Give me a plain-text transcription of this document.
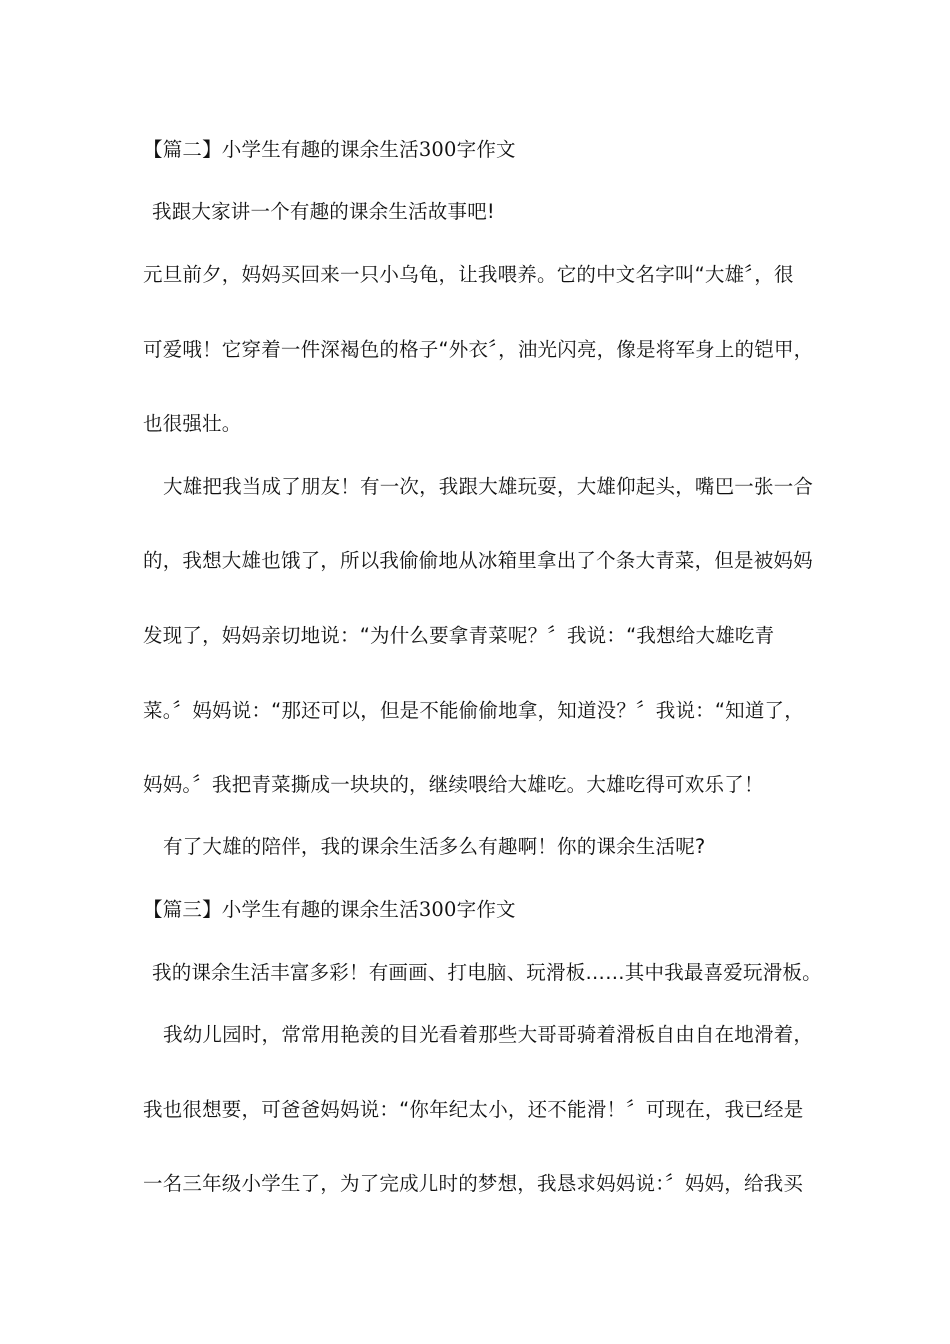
【篇二】小学生有趣的课余生活300字作文
我跟大家讲一个有趣的课余生活故事吧!
元旦前夕，妈妈买回来一只小乌龟，让我喂养。它的中文名字叫“大雄〞，很
可爱哦！它穿着一件深褐色的格子“外衣〞，油光闪亮，像是将军身上的铠甲，
也很强壮。
大雄把我当成了朋友！有一次，我跟大雄玩耍，大雄仰起头，嘴巴一张一合
的，我想大雄也饿了，所以我偷偷地从冰箱里拿出了个条大青菜，但是被妈妈
发现了，妈妈亲切地说：“为什么要拿青菜呢？〞我说：“我想给大雄吃青
菜。〞妈妈说：“那还可以，但是不能偷偷地拿，知道没？〞我说：“知道了，
妈妈。〞我把青菜撕成一块块的，继续喂给大雄吃。大雄吃得可欢乐了！
有了大雄的陪伴，我的课余生活多么有趣啊！你的课余生活呢?
【篇三】小学生有趣的课余生活300字作文
我的课余生活丰富多彩！有画画、打电脑、玩滑板……其中我最喜爱玩滑板。
我幼儿园时，常常用艳羡的目光看着那些大哥哥骑着滑板自由自在地滑着，
我也很想要，可爸爸妈妈说：“你年纪太小，还不能滑！〞可现在，我已经是
一名三年级小学生了，为了完成儿时的梦想，我恳求妈妈说：〞妈妈，给我买
